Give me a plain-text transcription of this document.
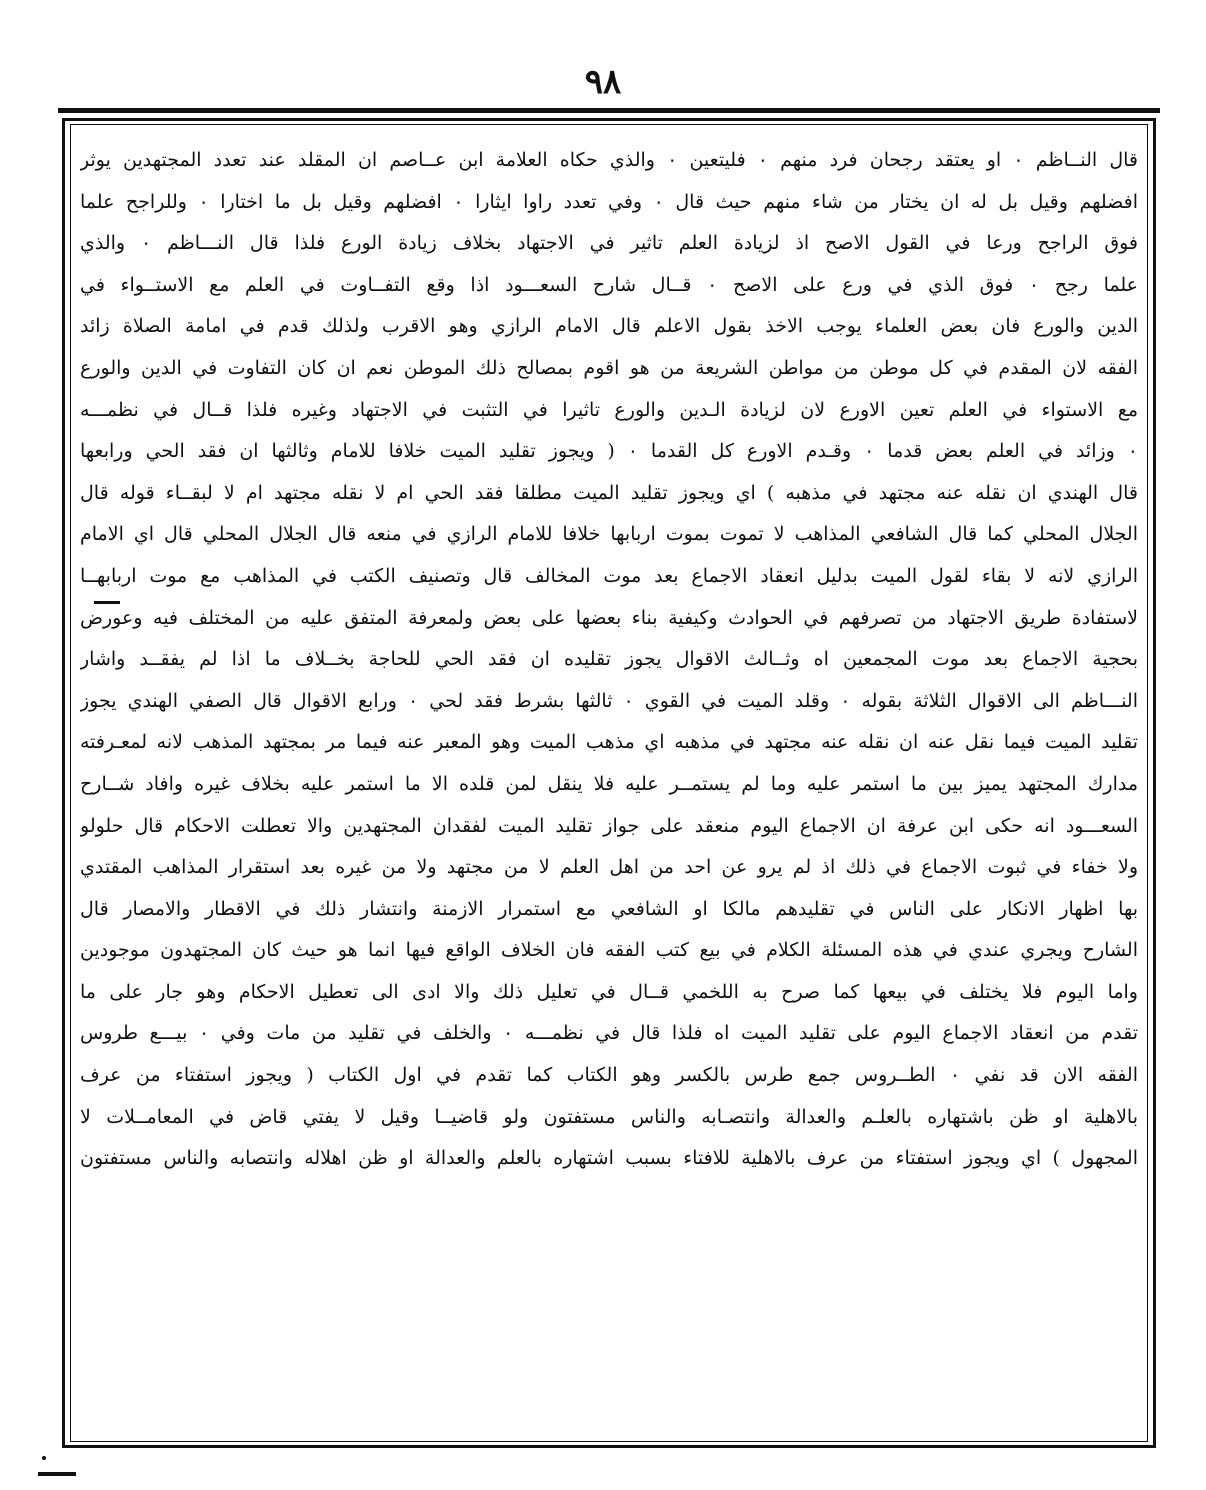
٩٨
قال النــاظم ٠ او يعتقد رجحان فرد منهم ٠ فليتعين ٠ والذي حكاه العلامة ابن عــاصم ان المقلد عند تعدد المجتهدين يوثر
افضلهم وقيل بل له ان يختار من شاء منهم حيث قال ٠ وفي تعدد راوا ايثارا ٠ افضلهم وقيل بل ما اختارا ٠ وللراجح علما
فوق الراجح ورعا في القول الاصح اذ لزيادة العلم تاثير في الاجتهاد بخلاف زيادة الورع فلذا قال النـــاظم ٠ والذي
علما رجح ٠ فوق الذي في ورع على الاصح ٠ قــال شارح السعـــود اذا وقع التفــاوت في العلم مع الاستــواء في
الدين والورع فان بعض العلماء يوجب الاخذ بقول الاعلم قال الامام الرازي وهو الاقرب ولذلك قدم في امامة الصلاة زائد
الفقه لان المقدم في كل موطن من مواطن الشريعة من هو اقوم بمصالح ذلك الموطن نعم ان كان التفاوت في الدين والورع
مع الاستواء في العلم تعين الاورع لان لزيادة الـدين والورع تاثيرا في التثبت في الاجتهاد وغيره فلذا قــال في نظمـــه
٠ وزائد في العلم بعض قدما ٠ وقـدم الاورع كل القدما ٠ ( ويجوز تقليد الميت خلافا للامام وثالثها ان فقد الحي ورابعها
قال الهندي ان نقله عنه مجتهد في مذهبه ) اي ويجوز تقليد الميت مطلقا فقد الحي ام لا نقله مجتهد ام لا لبقــاء قوله قال
الجلال المحلي كما قال الشافعي المذاهب لا تموت بموت اربابها خلافا للامام الرازي في منعه قال الجلال المحلي قال اي الامام
الرازي لانه لا بقاء لقول الميت بدليل انعقاد الاجماع بعد موت المخالف قال وتصنيف الكتب في المذاهب مع موت اربابهــا
لاستفادة طريق الاجتهاد من تصرفهم في الحوادث وكيفية بناء بعضها على بعض ولمعرفة المتفق عليه من المختلف فيه وعورض
بحجية الاجماع بعد موت المجمعين اه وثــالث الاقوال يجوز تقليده ان فقد الحي للحاجة بخــلاف ما اذا لم يفقــد واشار
النـــاظم الى الاقوال الثلاثة بقوله ٠ وقلد الميت في القوي ٠ ثالثها بشرط فقد لحي ٠ ورابع الاقوال قال الصفي الهندي يجوز
تقليد الميت فيما نقل عنه ان نقله عنه مجتهد في مذهبه اي مذهب الميت وهو المعبر عنه فيما مر بمجتهد المذهب لانه لمعـرفته
مدارك المجتهد يميز بين ما استمر عليه وما لم يستمــر عليه فلا ينقل لمن قلده الا ما استمر عليه بخلاف غيره وافاد شــارح
السعـــود انه حكى ابن عرفة ان الاجماع اليوم منعقد على جواز تقليد الميت لفقدان المجتهدين والا تعطلت الاحكام قال حلولو
ولا خفاء في ثبوت الاجماع في ذلك اذ لم يرو عن احد من اهل العلم لا من مجتهد ولا من غيره بعد استقرار المذاهب المقتدي
بها اظهار الانكار على الناس في تقليدهم مالكا او الشافعي مع استمرار الازمنة وانتشار ذلك في الاقطار والامصار قال
الشارح ويجري عندي في هذه المسئلة الكلام في بيع كتب الفقه فان الخلاف الواقع فيها انما هو حيث كان المجتهدون موجودين
واما اليوم فلا يختلف في بيعها كما صرح به اللخمي قــال في تعليل ذلك والا ادى الى تعطيل الاحكام وهو جار على ما
تقدم من انعقاد الاجماع اليوم على تقليد الميت اه فلذا قال في نظمـــه ٠ والخلف في تقليد من مات وفي ٠ بيـــع طروس
الفقه الان قد نفي ٠ الطــروس جمع طرس بالكسر وهو الكتاب كما تقدم في اول الكتاب ( ويجوز استفتاء من عرف
بالاهلية او ظن باشتهاره بالعلـم والعدالة وانتصـابه والناس مستفتون ولو قاضيــا وقيل لا يفتي قاض في المعامــلات لا
المجهول ) اي ويجوز استفتاء من عرف بالاهلية للافتاء بسبب اشتهاره بالعلم والعدالة او ظن اهلاله وانتصابه والناس مستفتون
